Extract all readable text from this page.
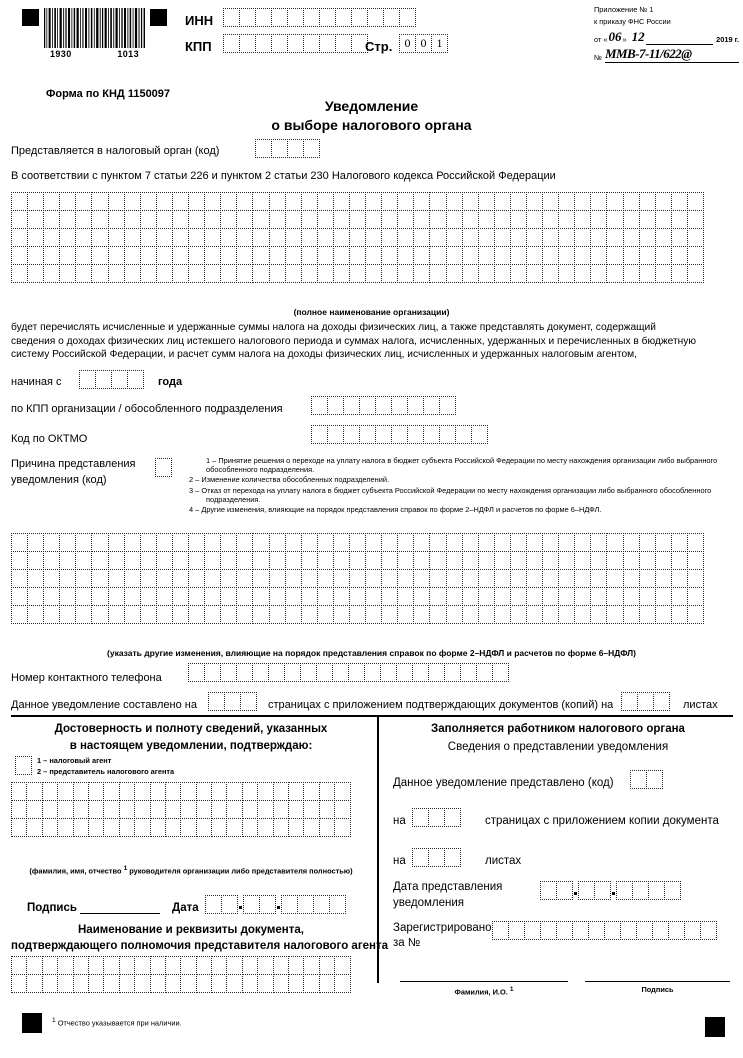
1930	1013
ИНН
КПП	Стр.	0 0 1
Приложение № 1
к приказу ФНС России
от « 06 » 12	2019 г.
№ ММВ-7-11/622@
Форма по КНД 1150097
Уведомление
о выборе налогового органа
Представляется в налоговый орган (код)
В соответствии с пунктом 7 статьи 226 и пунктом 2 статьи 230 Налогового кодекса Российской Федерации
(полное наименование организации)
будет перечислять исчисленные и удержанные суммы налога на доходы физических лиц, а также представлять документ, содержащий
сведения о доходах физических лиц истекшего налогового периода и суммах налога, исчисленных, удержанных и перечисленных в бюджетную
систему Российской Федерации, и расчет сумм налога на доходы физических лиц, исчисленных и удержанных налоговым агентом,
начиная с	года
по КПП организации / обособленного подразделения
Код по ОКТМО
Причина представления
уведомления (код)
1 – Принятие решения о переходе на уплату налога в бюджет субъекта Российской Федерации по месту нахождения организации либо выбранного обособленного подразделения.
2 – Изменение количества обособленных подразделений.
3 – Отказ от перехода на уплату налога в бюджет субъекта Российской Федерации по месту нахождения организации либо выбранного обособленного подразделения.
4 – Другие изменения, влияющие на порядок представления справок по форме 2–НДФЛ и расчетов по форме 6–НДФЛ.
(указать другие изменения, влияющие на порядок представления справок по форме 2–НДФЛ и расчетов по форме 6–НДФЛ)
Номер контактного телефона
Данное уведомление составлено на	страницах с приложением подтверждающих документов (копий) на	листах
Достоверность и полноту сведений, указанных
в настоящем уведомлении, подтверждаю:
1 – налоговый агент
2 – представитель налогового агента
(фамилия, имя, отчество $^1$ руководителя организации либо представителя полностью)
Подпись	Дата
Наименование и реквизиты документа,
подтверждающего полномочия представителя налогового агента
$^1$ Отчество указывается при наличии.
Заполняется работником налогового органа
Сведения о представлении уведомления
Данное уведомление представлено (код)
на	страницах с приложением копии документа
на	листах
Дата представления
уведомления
Зарегистрировано
за №
Фамилия, И.О. $^1$	Подпись
